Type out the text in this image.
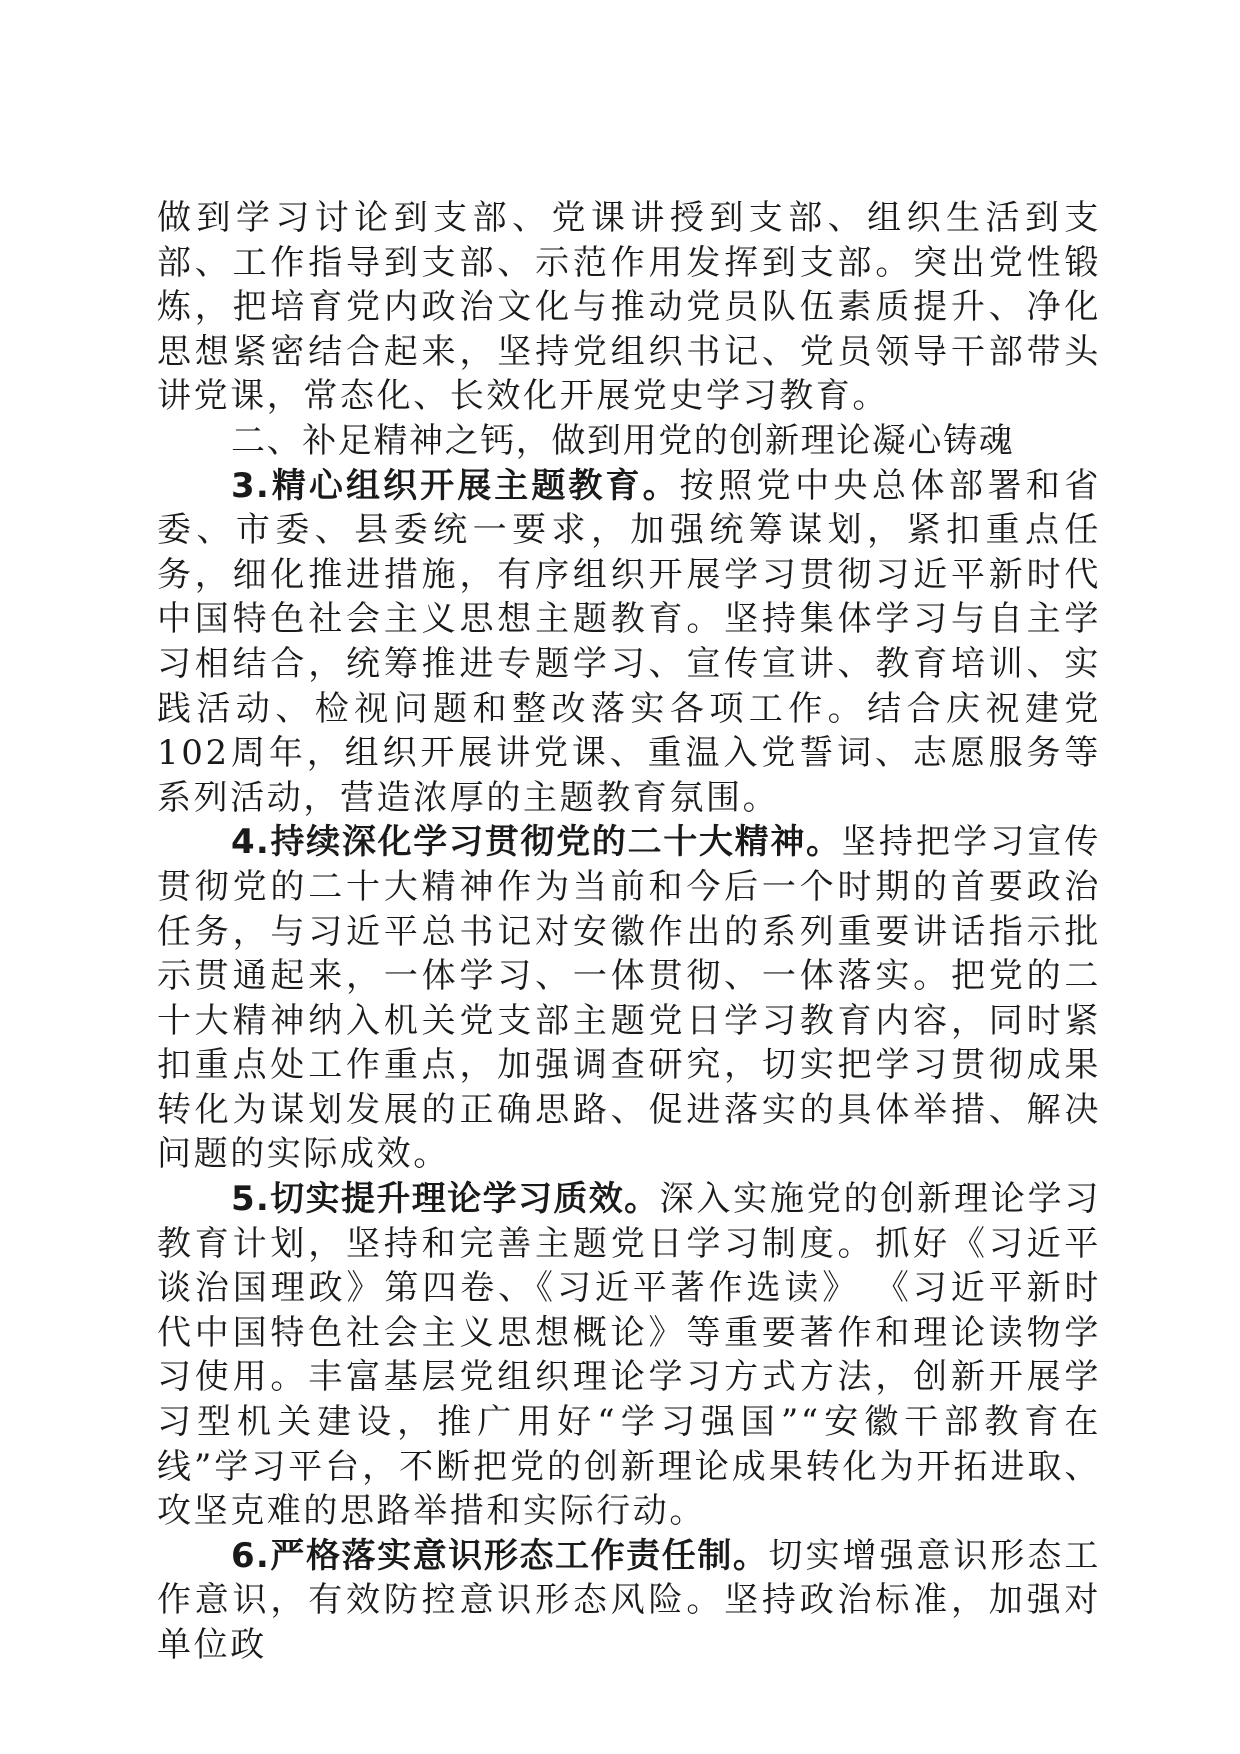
做到学习讨论到支部、党课讲授到支部、组织生活到支部、工作指导到支部、示范作用发挥到支部。突出党性锻炼，把培育党内政治文化与推动党员队伍素质提升、净化思想紧密结合起来，坚持党组织书记、党员领导干部带头讲党课，常态化、长效化开展党史学习教育。

二、补足精神之钙，做到用党的创新理论凝心铸魂

3.精心组织开展主题教育。按照党中央总体部署和省委、市委、县委统一要求，加强统筹谋划，紧扣重点任务，细化推进措施，有序组织开展学习贯彻习近平新时代中国特色社会主义思想主题教育。坚持集体学习与自主学习相结合，统筹推进专题学习、宣传宣讲、教育培训、实践活动、检视问题和整改落实各项工作。结合庆祝建党102周年，组织开展讲党课、重温入党誓词、志愿服务等系列活动，营造浓厚的主题教育氛围。

4.持续深化学习贯彻党的二十大精神。坚持把学习宣传贯彻党的二十大精神作为当前和今后一个时期的首要政治任务，与习近平总书记对安徽作出的系列重要讲话指示批示贯通起来，一体学习、一体贯彻、一体落实。把党的二十大精神纳入机关党支部主题党日学习教育内容，同时紧扣重点处工作重点，加强调查研究，切实把学习贯彻成果转化为谋划发展的正确思路、促进落实的具体举措、解决问题的实际成效。

5.切实提升理论学习质效。深入实施党的创新理论学习教育计划，坚持和完善主题党日学习制度。抓好《习近平谈治国理政》第四卷、《习近平著作选读》 《习近平新时代中国特色社会主义思想概论》等重要著作和理论读物学习使用。丰富基层党组织理论学习方式方法，创新开展学习型机关建设，推广用好“学习强国”“安徽干部教育在线”学习平台，不断把党的创新理论成果转化为开拓进取、攻坚克难的思路举措和实际行动。

6.严格落实意识形态工作责任制。切实增强意识形态工作意识，有效防控意识形态风险。坚持政治标准，加强对单位政
